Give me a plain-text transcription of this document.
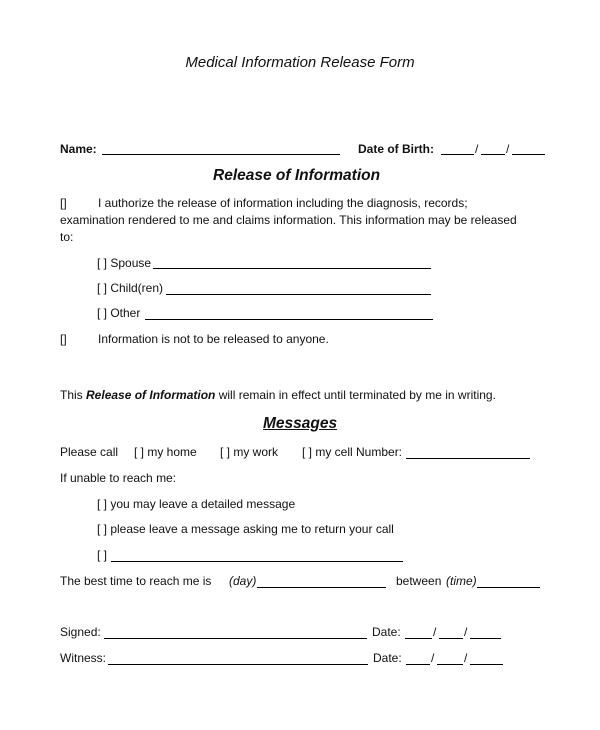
Medical Information Release Form
Name:	Date of Birth:	/ /
Release of Information
[]	I authorize the release of information including the diagnosis, records;
examination rendered to me and claims information. This information may be released
to:
[ ] Spouse
[ ] Child(ren)
[ ] Other
[]	Information is not to be released to anyone.
This Release of Information will remain in effect until terminated by me in writing.
Messages
Please call [ ] my home [ ] my work [ ] my cell Number:
If unable to reach me:
[ ] you may leave a detailed message
[ ] please leave a message asking me to return your call
[ ]
The best time to reach me is (day)	between (time)
Signed:	Date:	/ /
Witness:	Date: / /
